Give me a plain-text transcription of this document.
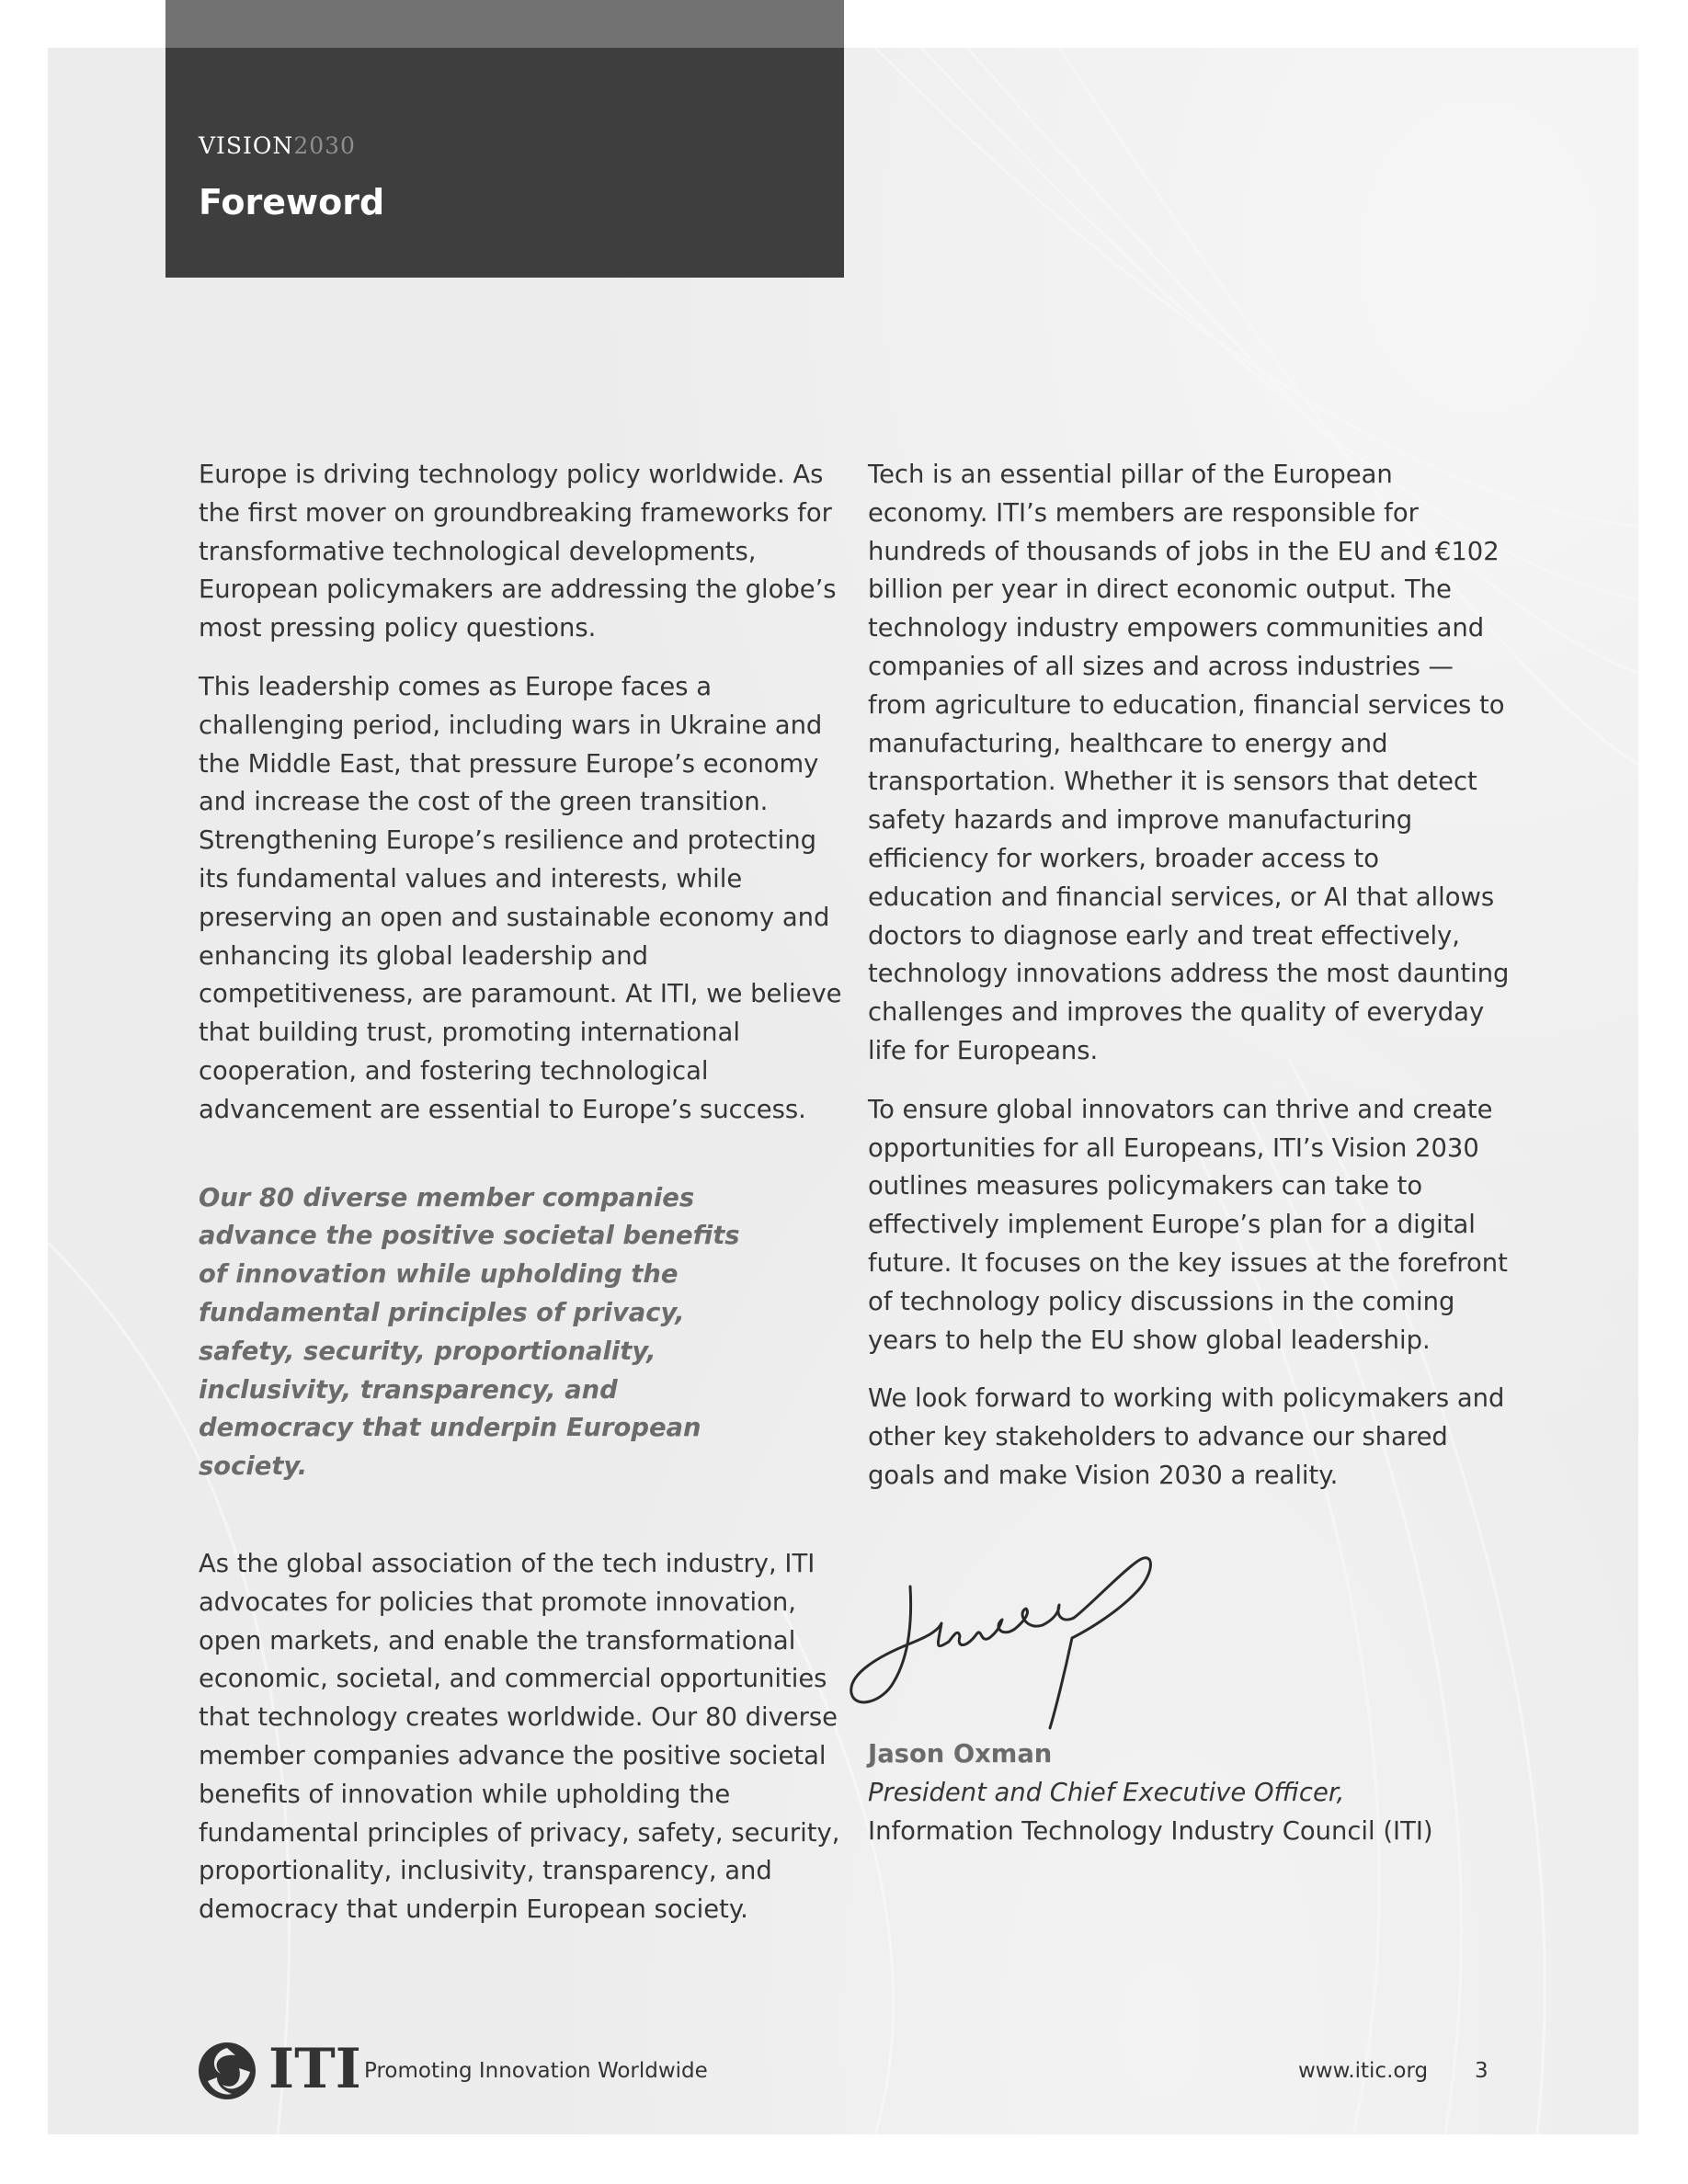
VISION2030
Foreword

Europe is driving technology policy worldwide. As the first mover on groundbreaking frameworks for transformative technological developments, European policymakers are addressing the globe’s most pressing policy questions.

This leadership comes as Europe faces a challenging period, including wars in Ukraine and the Middle East, that pressure Europe’s economy and increase the cost of the green transition. Strengthening Europe’s resilience and protecting its fundamental values and interests, while preserving an open and sustainable economy and enhancing its global leadership and competitiveness, are paramount. At ITI, we believe that building trust, promoting international cooperation, and fostering technological advancement are essential to Europe’s success.

Our 80 diverse member companies advance the positive societal benefits of innovation while upholding the fundamental principles of privacy, safety, security, proportionality, inclusivity, transparency, and democracy that underpin European society.

As the global association of the tech industry, ITI advocates for policies that promote innovation, open markets, and enable the transformational economic, societal, and commercial opportunities that technology creates worldwide. Our 80 diverse member companies advance the positive societal benefits of innovation while upholding the fundamental principles of privacy, safety, security, proportionality, inclusivity, transparency, and democracy that underpin European society.

Tech is an essential pillar of the European economy. ITI’s members are responsible for hundreds of thousands of jobs in the EU and €102 billion per year in direct economic output. The technology industry empowers communities and companies of all sizes and across industries — from agriculture to education, financial services to manufacturing, healthcare to energy and transportation. Whether it is sensors that detect safety hazards and improve manufacturing efficiency for workers, broader access to education and financial services, or AI that allows doctors to diagnose early and treat effectively, technology innovations address the most daunting challenges and improves the quality of everyday life for Europeans.

To ensure global innovators can thrive and create opportunities for all Europeans, ITI’s Vision 2030 outlines measures policymakers can take to effectively implement Europe’s plan for a digital future. It focuses on the key issues at the forefront of technology policy discussions in the coming years to help the EU show global leadership.

We look forward to working with policymakers and other key stakeholders to advance our shared goals and make Vision 2030 a reality.

Jason Oxman
President and Chief Executive Officer,
Information Technology Industry Council (ITI)
ITI Promoting Innovation Worldwide	www.itic.org 3
